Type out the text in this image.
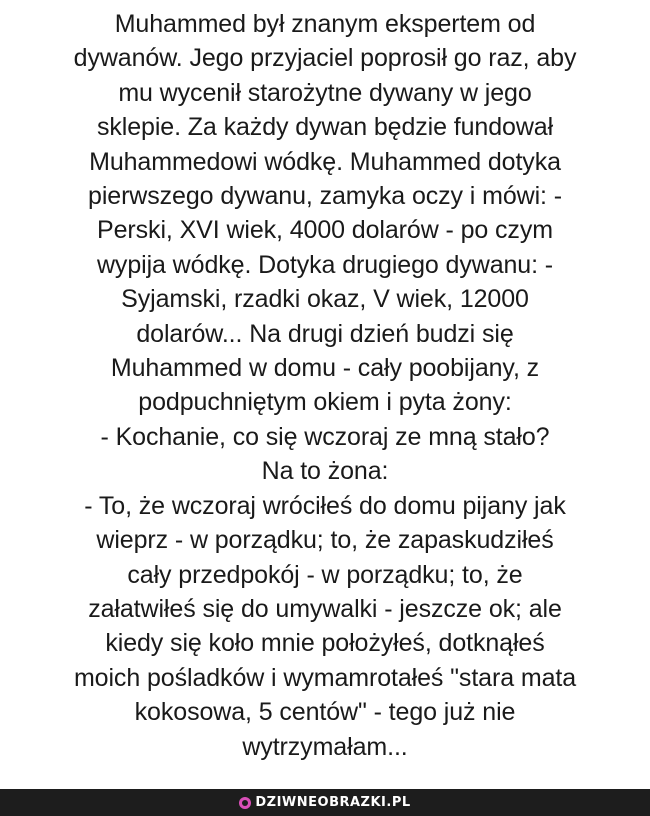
Muhammed był znanym ekspertem od
dywanów. Jego przyjaciel poprosił go raz, aby
mu wycenił starożytne dywany w jego
sklepie. Za każdy dywan będzie fundował
Muhammedowi wódkę. Muhammed dotyka
pierwszego dywanu, zamyka oczy i mówi: -
Perski, XVI wiek, 4000 dolarów - po czym
wypija wódkę. Dotyka drugiego dywanu: -
Syjamski, rzadki okaz, V wiek, 12000
dolarów... Na drugi dzień budzi się
Muhammed w domu - cały poobijany, z
podpuchniętym okiem i pyta żony:
- Kochanie, co się wczoraj ze mną stało?
Na to żona:
- To, że wczoraj wróciłeś do domu pijany jak
wieprz - w porządku; to, że zapaskudziłeś
cały przedpokój - w porządku; to, że
załatwiłeś się do umywalki - jeszcze ok; ale
kiedy się koło mnie położyłeś, dotknąłeś
moich pośladków i wymamrotałeś "stara mata
kokosowa, 5 centów" - tego już nie
wytrzymałam...
DZIWNEOBRAZKI.PL
